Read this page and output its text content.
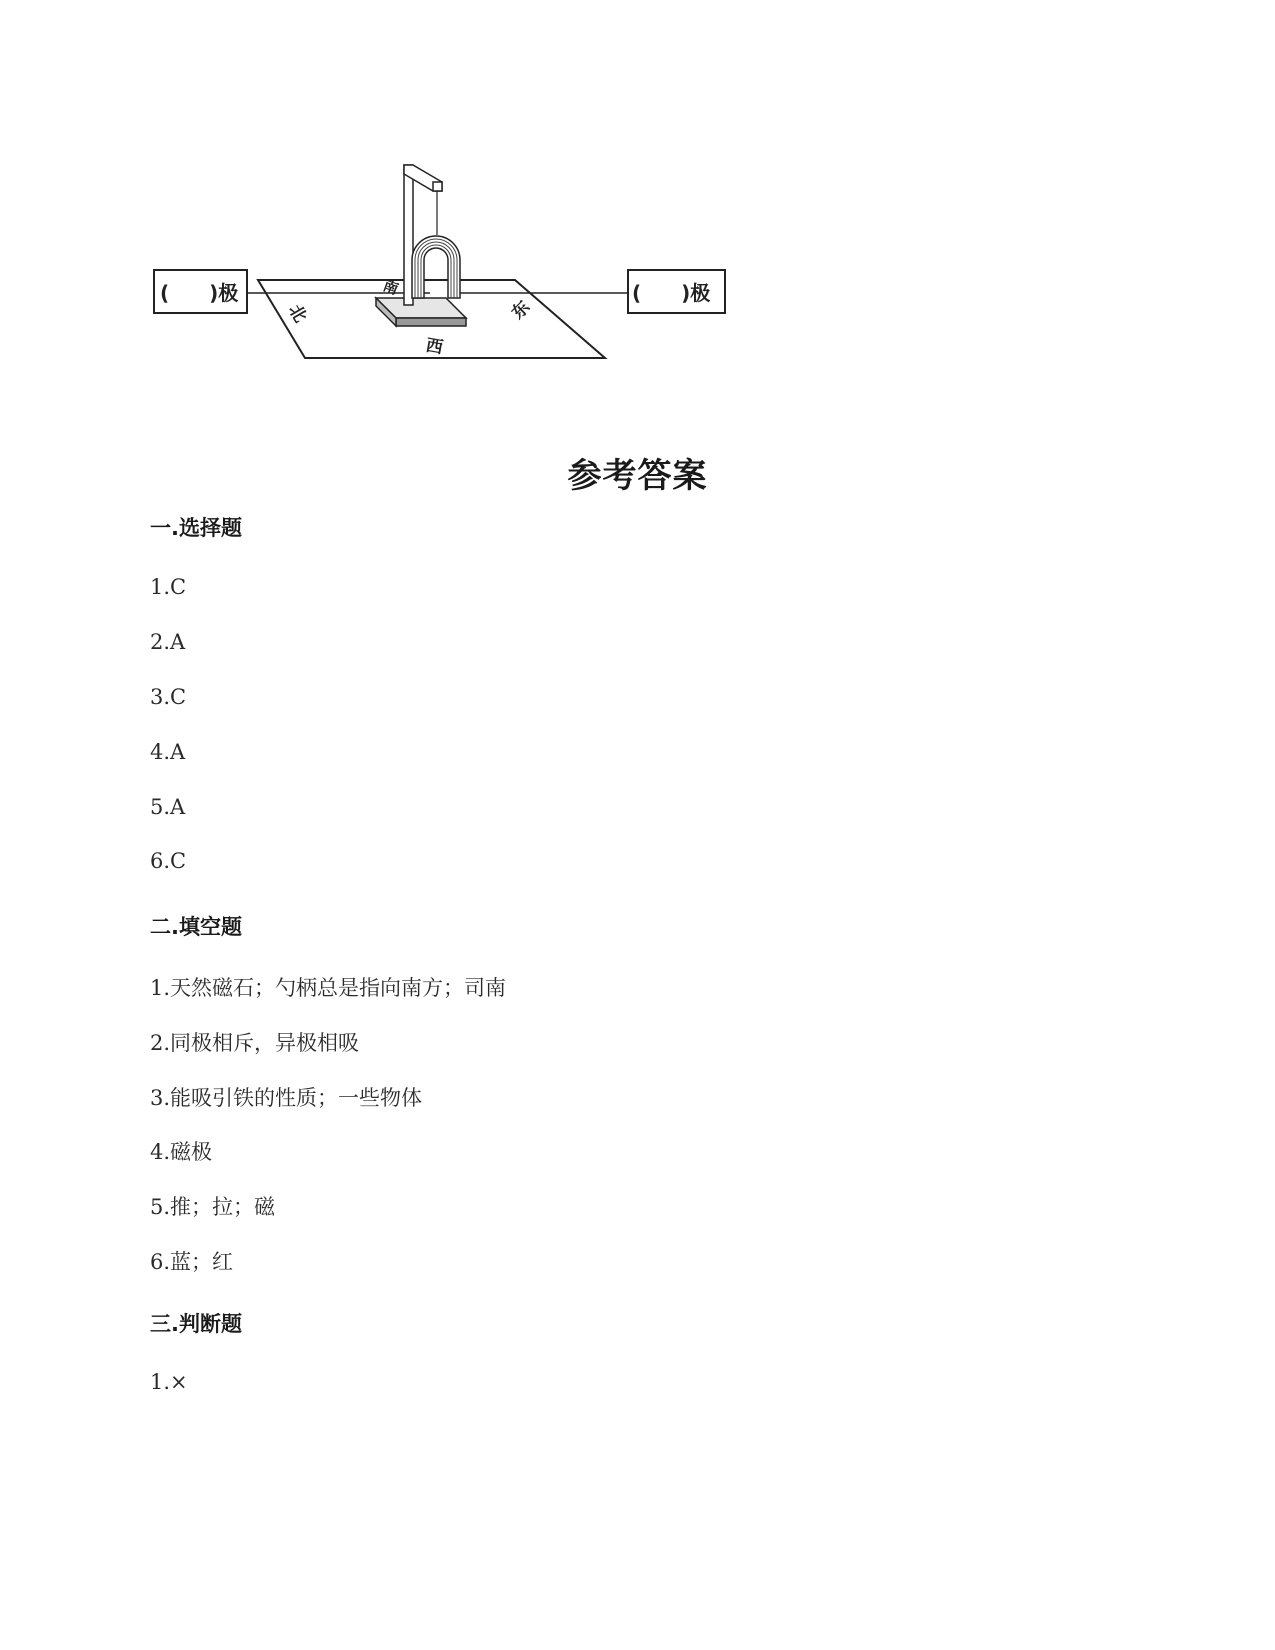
(　　)极	(　　)极
北
南
东
西
参考答案
一.选择题
1.C
2.A
3.C
4.A
5.A
6.C
二.填空题
1.天然磁石；勺柄总是指向南方；司南
2.同极相斥，异极相吸
3.能吸引铁的性质；一些物体
4.磁极
5.推；拉；磁
6.蓝；红
三.判断题
1.×
